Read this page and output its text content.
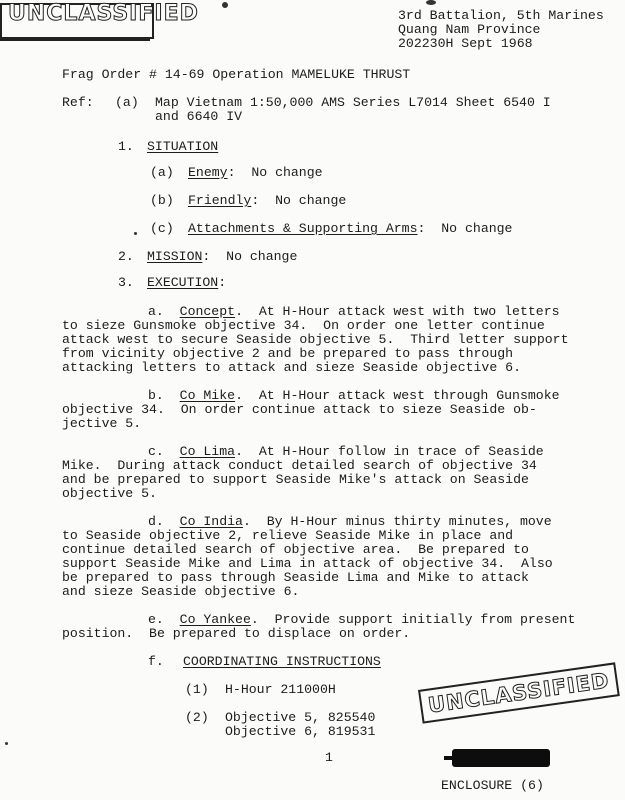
UNCLASSIFIED
UNCLASSIFIED
3rd Battalion, 5th Marines
Quang Nam Province
202230H Sept 1968
Frag Order # 14-69 Operation MAMELUKE THRUST
Ref: (a) Map Vietnam 1:50,000 AMS Series L7014 Sheet 6540 I
and 6640 IV
1. SITUATION
(a) Enemy:  No change
(b) Friendly:  No change
(c) Attachments & Supporting Arms:  No change
2. MISSION:  No change
3. EXECUTION:
a. Concept.  At H-Hour attack west with two letters
to sieze Gunsmoke objective 34.  On order one letter continue
attack west to secure Seaside objective 5.  Third letter support
from vicinity objective 2 and be prepared to pass through
attacking letters to attack and sieze Seaside objective 6.
b. Co Mike.  At H-Hour attack west through Gunsmoke
objective 34.  On order continue attack to sieze Seaside ob-
jective 5.
c. Co Lima.  At H-Hour follow in trace of Seaside
Mike.  During attack conduct detailed search of objective 34
and be prepared to support Seaside Mike's attack on Seaside
objective 5.
d. Co India.  By H-Hour minus thirty minutes, move
to Seaside objective 2, relieve Seaside Mike in place and
continue detailed search of objective area.  Be prepared to
support Seaside Mike and Lima in attack of objective 34.  Also
be prepared to pass through Seaside Lima and Mike to attack
and sieze Seaside objective 6.
e. Co Yankee.  Provide support initially from present
position.  Be prepared to displace on order.
f. COORDINATING INSTRUCTIONS
(1) H-Hour 211000H
(2) Objective 5, 825540
Objective 6, 819531
1
ENCLOSURE (6)
